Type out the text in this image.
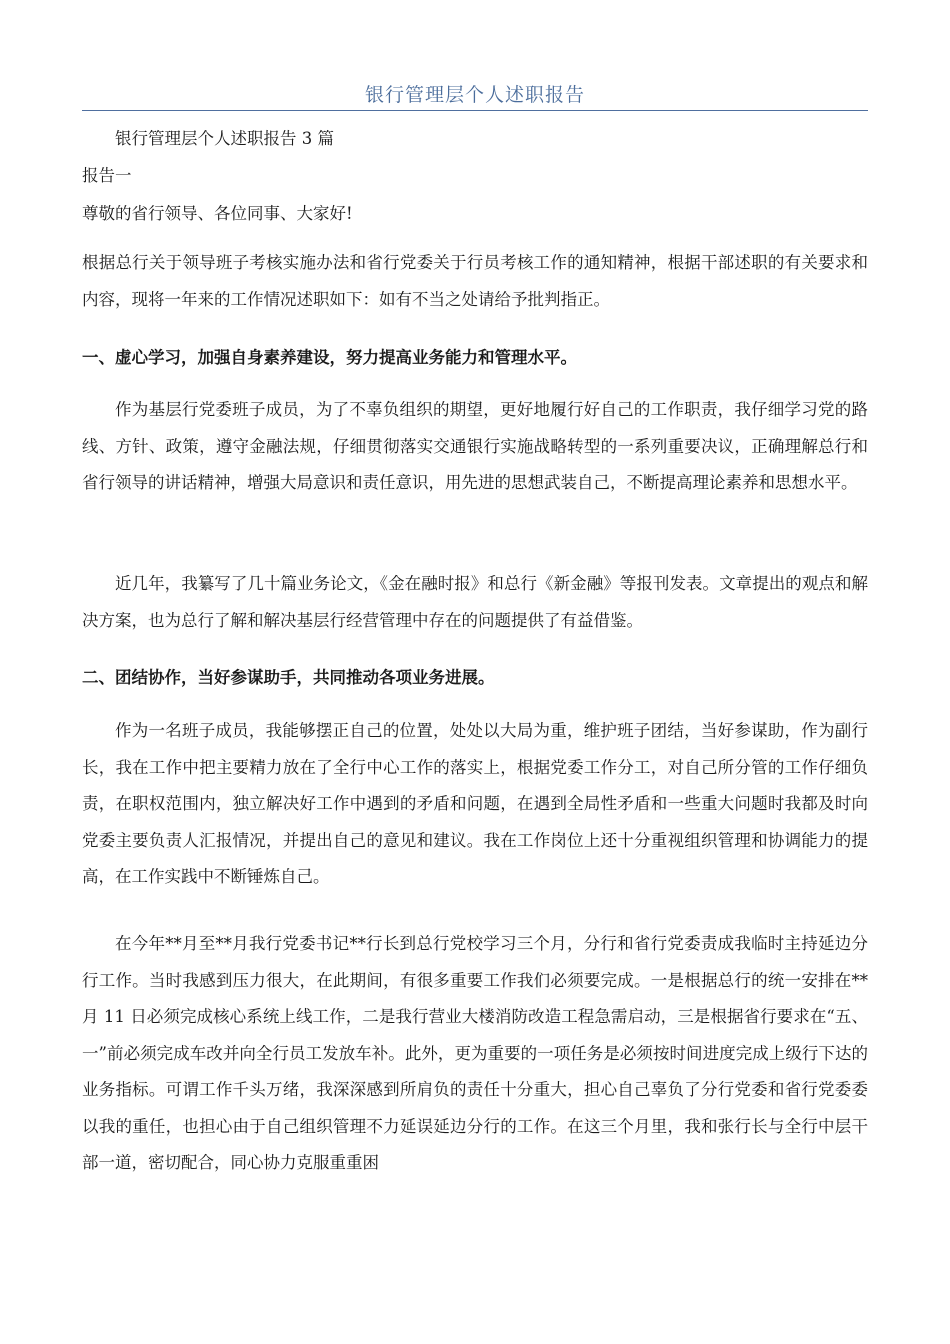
银行管理层个人述职报告

银行管理层个人述职报告 3 篇

报告一

尊敬的省行领导、各位同事、大家好!

根据总行关于领导班子考核实施办法和省行党委关于行员考核工作的通知精神，根据干部述职的有关要求和内容，现将一年来的工作情况述职如下：如有不当之处请给予批判指正。

一、虚心学习，加强自身素养建设，努力提高业务能力和管理水平。

作为基层行党委班子成员，为了不辜负组织的期望，更好地履行好自己的工作职责，我仔细学习党的路线、方针、政策，遵守金融法规，仔细贯彻落实交通银行实施战略转型的一系列重要决议，正确理解总行和省行领导的讲话精神，增强大局意识和责任意识，用先进的思想武装自己，不断提高理论素养和思想水平。

近几年，我纂写了几十篇业务论文，《金在融时报》和总行《新金融》等报刊发表。文章提出的观点和解决方案，也为总行了解和解决基层行经营管理中存在的问题提供了有益借鉴。

二、团结协作，当好参谋助手，共同推动各项业务进展。

作为一名班子成员，我能够摆正自己的位置，处处以大局为重，维护班子团结，当好参谋助，作为副行长，我在工作中把主要精力放在了全行中心工作的落实上，根据党委工作分工，对自己所分管的工作仔细负责，在职权范围内，独立解决好工作中遇到的矛盾和问题，在遇到全局性矛盾和一些重大问题时我都及时向党委主要负责人汇报情况，并提出自己的意见和建议。我在工作岗位上还十分重视组织管理和协调能力的提高，在工作实践中不断锤炼自己。

在今年**月至**月我行党委书记**行长到总行党校学习三个月，分行和省行党委责成我临时主持延边分行工作。当时我感到压力很大，在此期间，有很多重要工作我们必须要完成。一是根据总行的统一安排在**月 11 日必须完成核心系统上线工作，二是我行营业大楼消防改造工程急需启动，三是根据省行要求在“五、一”前必须完成车改并向全行员工发放车补。此外，更为重要的一项任务是必须按时间进度完成上级行下达的业务指标。可谓工作千头万绪，我深深感到所肩负的责任十分重大，担心自己辜负了分行党委和省行党委委以我的重任，也担心由于自己组织管理不力延误延边分行的工作。在这三个月里，我和张行长与全行中层干部一道，密切配合，同心协力克服重重困
